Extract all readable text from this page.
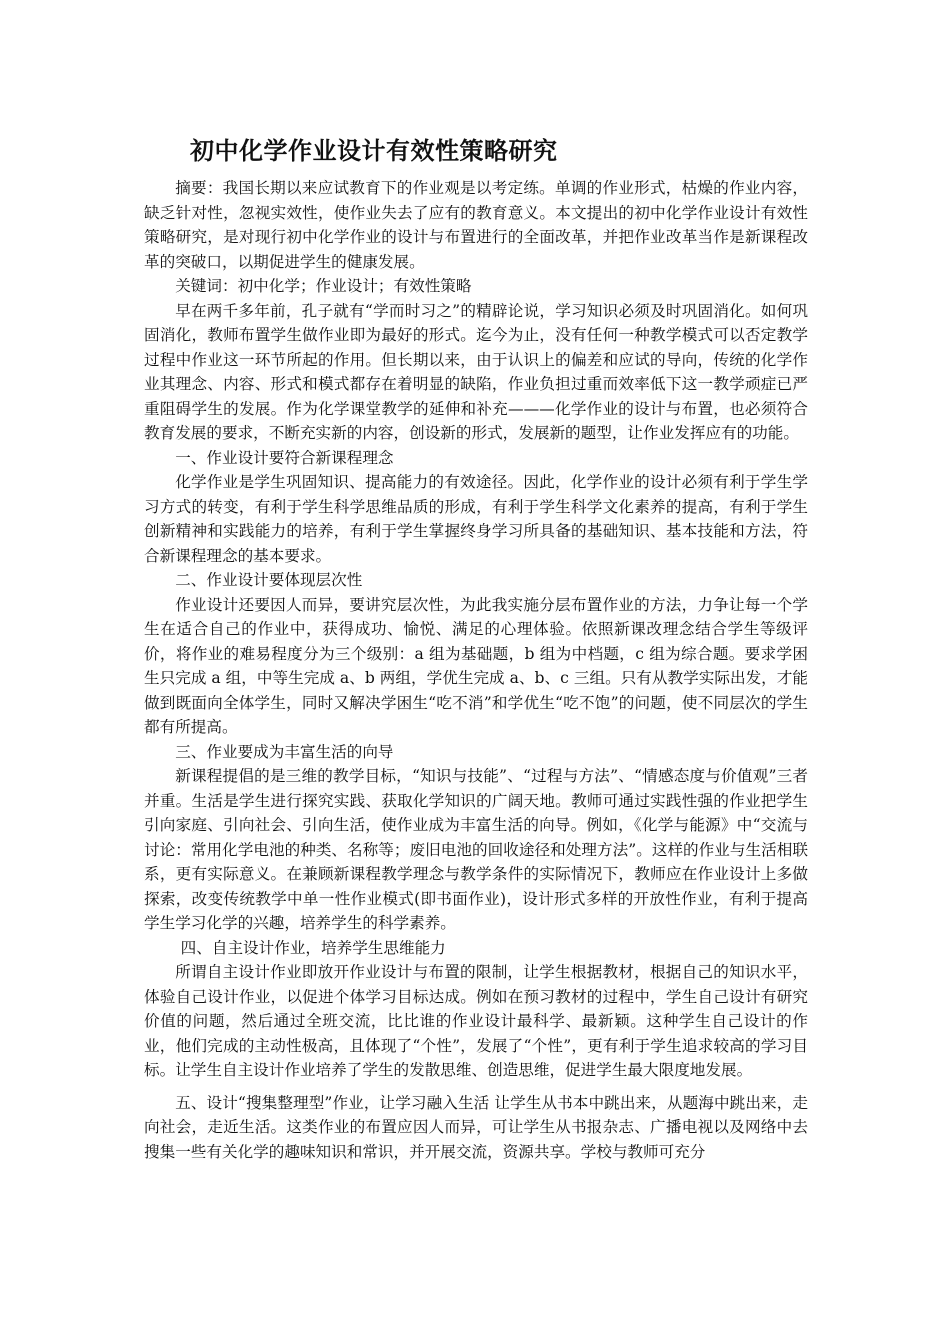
初中化学作业设计有效性策略研究

摘要：我国长期以来应试教育下的作业观是以考定练。单调的作业形式，枯燥的作业内容，缺乏针对性，忽视实效性，使作业失去了应有的教育意义。本文提出的初中化学作业设计有效性策略研究，是对现行初中化学作业的设计与布置进行的全面改革，并把作业改革当作是新课程改革的突破口，以期促进学生的健康发展。

关键词：初中化学；作业设计；有效性策略

早在两千多年前，孔子就有“学而时习之”的精辟论说，学习知识必须及时巩固消化。如何巩固消化，教师布置学生做作业即为最好的形式。迄今为止，没有任何一种教学模式可以否定教学过程中作业这一环节所起的作用。但长期以来，由于认识上的偏差和应试的导向，传统的化学作业其理念、内容、形式和模式都存在着明显的缺陷，作业负担过重而效率低下这一教学顽症已严重阻碍学生的发展。作为化学课堂教学的延伸和补充———化学作业的设计与布置，也必须符合教育发展的要求，不断充实新的内容，创设新的形式，发展新的题型，让作业发挥应有的功能。

一、作业设计要符合新课程理念

化学作业是学生巩固知识、提高能力的有效途径。因此，化学作业的设计必须有利于学生学习方式的转变，有利于学生科学思维品质的形成，有利于学生科学文化素养的提高，有利于学生创新精神和实践能力的培养，有利于学生掌握终身学习所具备的基础知识、基本技能和方法，符合新课程理念的基本要求。

二、作业设计要体现层次性

作业设计还要因人而异，要讲究层次性，为此我实施分层布置作业的方法，力争让每一个学生在适合自己的作业中，获得成功、愉悦、满足的心理体验。依照新课改理念结合学生等级评价，将作业的难易程度分为三个级别：a 组为基础题，b 组为中档题，c 组为综合题。要求学困生只完成 a 组，中等生完成 a、b 两组，学优生完成 a、b、c 三组。只有从教学实际出发，才能做到既面向全体学生，同时又解决学困生“吃不消”和学优生“吃不饱”的问题，使不同层次的学生都有所提高。

三、作业要成为丰富生活的向导

新课程提倡的是三维的教学目标，“知识与技能”、“过程与方法”、“情感态度与价值观”三者并重。生活是学生进行探究实践、获取化学知识的广阔天地。教师可通过实践性强的作业把学生引向家庭、引向社会、引向生活，使作业成为丰富生活的向导。例如，《化学与能源》中“交流与讨论：常用化学电池的种类、名称等；废旧电池的回收途径和处理方法”。这样的作业与生活相联系，更有实际意义。在兼顾新课程教学理念与教学条件的实际情况下，教师应在作业设计上多做探索，改变传统教学中单一性作业模式(即书面作业)，设计形式多样的开放性作业，有利于提高学生学习化学的兴趣，培养学生的科学素养。

四、自主设计作业，培养学生思维能力

所谓自主设计作业即放开作业设计与布置的限制，让学生根据教材，根据自己的知识水平，体验自己设计作业，以促进个体学习目标达成。例如在预习教材的过程中，学生自己设计有研究价值的问题，然后通过全班交流，比比谁的作业设计最科学、最新颖。这种学生自己设计的作业，他们完成的主动性极高，且体现了“个性”，发展了“个性”，更有利于学生追求较高的学习目标。让学生自主设计作业培养了学生的发散思维、创造思维，促进学生最大限度地发展。

五、设计“搜集整理型”作业，让学习融入生活 让学生从书本中跳出来，从题海中跳出来，走向社会，走近生活。这类作业的布置应因人而异，可让学生从书报杂志、广播电视以及网络中去搜集一些有关化学的趣味知识和常识，并开展交流，资源共享。学校与教师可充分
